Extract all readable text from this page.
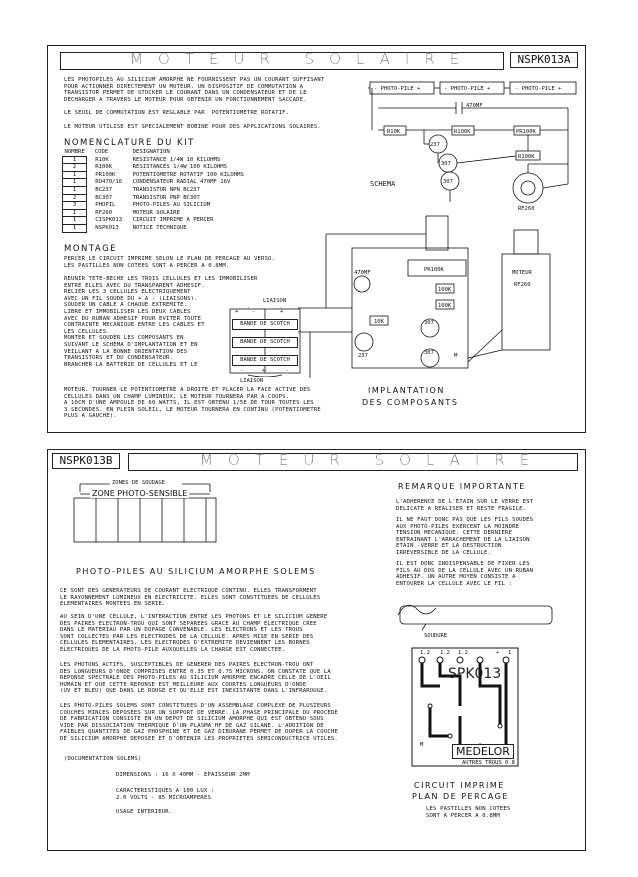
MOTEUR SOLAIRE	NSPK013A
LES PHOTOPILES AU SILICIUM AMORPHE NE FOURNISSENT PAS UN COURANT SUFFISANT
POUR ACTIONNER DIRECTEMENT UN MOTEUR. UN DISPOSITIF DE COMMUTATION A
TRANSISTOR PERMET DE STOCKER LE COURANT DANS UN CONDENSATEUR ET DE LE
DECHARGER A TRAVERS LE MOTEUR POUR OBTENIR UN FONCTIONNEMENT SACCADE.
LE SEUIL DE COMMUTATION EST REGLABLE PAR  POTENTIOMETRE ROTATIF.
LE MOTEUR UTILISE EST SPECIALEMENT BOBINE POUR DES APPLICATIONS SOLAIRES.
NOMENCLATURE DU KIT
NOMBRE	CODE	DESIGNATION
1	R10K	RESISTANCE 1/4W 10 KILOHMS
2	R100K	RESISTANCES 1/4W 100 KILOHMS
1	PR100K	POTENTIOMETRE ROTATIF 100 KILOHMS
1	RO470/16	CONDENSATEUR RADIAL 470MF 16V
1	BC237	TRANSISTOR NPN BC237
2	BC307	TRANSISTOR PNP BC307
3	PHOPIL	PHOTO-PILES AU SILICIUM
1	RF260	MOTEUR SOLAIRE
1	CISPK013	CIRCUIT IMPRIME A PERCER
1	NSPK013	NOTICE TECHNIQUE
MONTAGE
PERCER LE CIRCUIT IMPRIME SELON LE PLAN DE PERCAGE AU VERSO.
LES PASTILLES NON COTEES SONT A PERCER A 0.8MM.
REUNIR TETE-BECHE LES TROIS CELLULES ET LES IMMOBILISER
ENTRE ELLES AVEC DU TRANSPARENT ADHESIF.
RELIER LES 3 CELLULES ELECTRIQUEMENT
AVEC UN FIL SOUDE DU + A - (LIAISONS).
SOUDER UN CABLE A CHAQUE EXTREMITE.
LIBRE ET IMMOBILISER LES DEUX CABLES
AVEC DU RUBAN ADHESIF POUR EVITER TOUTE
CONTRAINTE MECANIQUE ENTRE LES CABLES ET
LES CELLULES.
MONTER ET SOUDER LES COMPOSANTS EN
SUIVANT LE SCHEMA D'IMPLANTATION ET EN
VEILLANT A LA BONNE ORIENTATION DES
TRANSISTORS ET DU CONDENSATEUR.
BRANCHER LA BATTERIE DE CELLULES ET LE
MOTEUR. TOURNER LE POTENTIOMETRE A DROITE ET PLACER LA FACE ACTIVE DES
CELLULES DANS UN CHAMP LUMINEUX, LE MOTEUR TOURNERA PAR A-COUPS.
A 10CM D'UNE AMPOULE DE 60 WATTS, IL EST OBTENU 1/5E DE TOUR TOUTES LES
3 SECONDES. EN PLEIN SOLEIL, LE MOTEUR TOURNERA EN CONTINU (POTENTIOMETRE
PLUS A GAUCHE).
- PHOTO-PILE +	- PHOTO-PILE +	- PHOTO-PILE +
470MF
R10K	R100K	PR100K
R100K
237
307
307
SCHEMA
RF260
LIAISON
+ -	+
BANDE DE SCOTCH
BANDE DE SCOTCH
BANDE DE SCOTCH
-	+	-
LIAISON
PR100K
470MF
100K
100K
10K	307
237	307	M
MOTEUR
RF260
IMPLANTATION
DES COMPOSANTS
NSPK013B	MOTEUR SOLAIRE
ZONES DE SOUDAGE
ZONE PHOTO-SENSIBLE
PHOTO-PILES AU SILICIUM AMORPHE SOLEMS
CE SONT DES GENERATEURS DE COURANT ELECTRIQUE CONTINU. ELLES TRANSFORMENT
LE RAYONNEMENT LUMINEUX EN ELECTRICITE. ELLES SONT CONSTITUEES DE CELLULES
ELEMENTAIRES MONTEES EN SERIE.
AU SEIN D'UNE CELLULE, L'INTERACTION ENTRE LES PHOTONS ET LE SILICIUM GENERE
DES PAIRES ELECTRON-TROU QUI SONT SEPAREES GRACE AU CHAMP ELECTRIQUE CREE
DANS LE MATERIAU PAR UN DOPAGE CONVENABLE. LES ELECTRONS ET LES TROUS
SONT COLLECTES PAR LES ELECTRODES DE LA CELLULE. APRES MISE EN SERIE DES
CELLULES ELEMENTAIRES, LES ELECTRODES D'EXTREMITE DEVIENNENT LES BORNES
ELECTRIQUES DE LA PHOTO-PILE AUXQUELLES LA CHARGE EST CONNECTEE.
LES PHOTONS ACTIFS, SUSCEPTIBLES DE GENERER DES PAIRES ELECTRON-TROU ONT
DES LONGUEURS D'ONDE COMPRISES ENTRE 0.35 ET 0.75 MICRONS. ON CONSTATE QUE LA
REPONSE SPECTRALE DES PHOTO-PILES AU SILICIUM AMORPHE ENCADRE CELLE DE L'OEIL
HUMAIN ET QUE CETTE REPONSE EST MEILLEURE AUX COURTES LONGUEURS D'ONDE
(UV ET BLEU) QUE DANS LE ROUGE ET QU'ELLE EST INEXISTANTE DANS L'INFRAROUGE.
LES PHOTO-PILES SOLEMS SONT CONSTITUEES D'UN ASSEMBLAGE COMPLEXE DE PLUSIEURS
COUCHES MINCES DEPOSEES SUR UN SUPPORT DE VERRE. LA PHASE PRINCIPALE DU PROCEDE
DE FABRICATION CONSISTE EN UN DEPOT DE SILICIUM AMORPHE QUI EST OBTENU SOUS
VIDE PAR DISSOCIATION THERMIQUE D'UN PLASMA HF DE GAZ SILANE. L'ADDITION DE
FAIBLES QUANTITES DE GAZ PHOSPHINE ET DE GAZ DIBORANE PERMET DE DOPER LA COUCHE
DE SILICIUM AMORPHE DEPOSEE ET D'OBTENIR LES PROPRIETES SEMICONDUCTRICE UTILES.
(DOCUMENTATION SOLEMS)
DIMENSIONS : 16 X 40MM - EPAISSEUR 2MM
CARACTERISTIQUES A 100 LUX :
2.0 VOLTS - 85 MICROAMPERES
USAGE INTERIEUR.
REMARQUE IMPORTANTE
L'ADHERENCE DE L'ETAIN SUR LE VERRE EST
DELICATE A REALISER ET RESTE FRAGILE.
IL NE FAUT DONC PAS QUE LES FILS SOUDES
AUX PHOTO-PILES EXERCENT LA MOINDRE
TENSION MECANIQUE. CETTE DERNIERE
ENTRAINANT L'ARRACHEMENT DE LA LIAISON
ETAIN -VERRE ET LA DESTRUCTION
IRREVERSIBLE DE LA CELLULE.
IL EST DONC INDISPENSABLE DE FIXER LES
FILS AU DOS DE LA CELLULE AVEC UN RUBAN
ADHESIF. UN AUTRE MOYEN CONSISTE A
ENTOURER LA CELLULE AVEC LE FIL :
SOUDURE
1.2 1.2 1.2	+ 1
SPK013
M	MEDELOR
AUTRES TROUS 0.8
CIRCUIT IMPRIME
PLAN DE PERCAGE
LES PASTILLES NON COTEES
SONT A PERCER A 0.8MM
